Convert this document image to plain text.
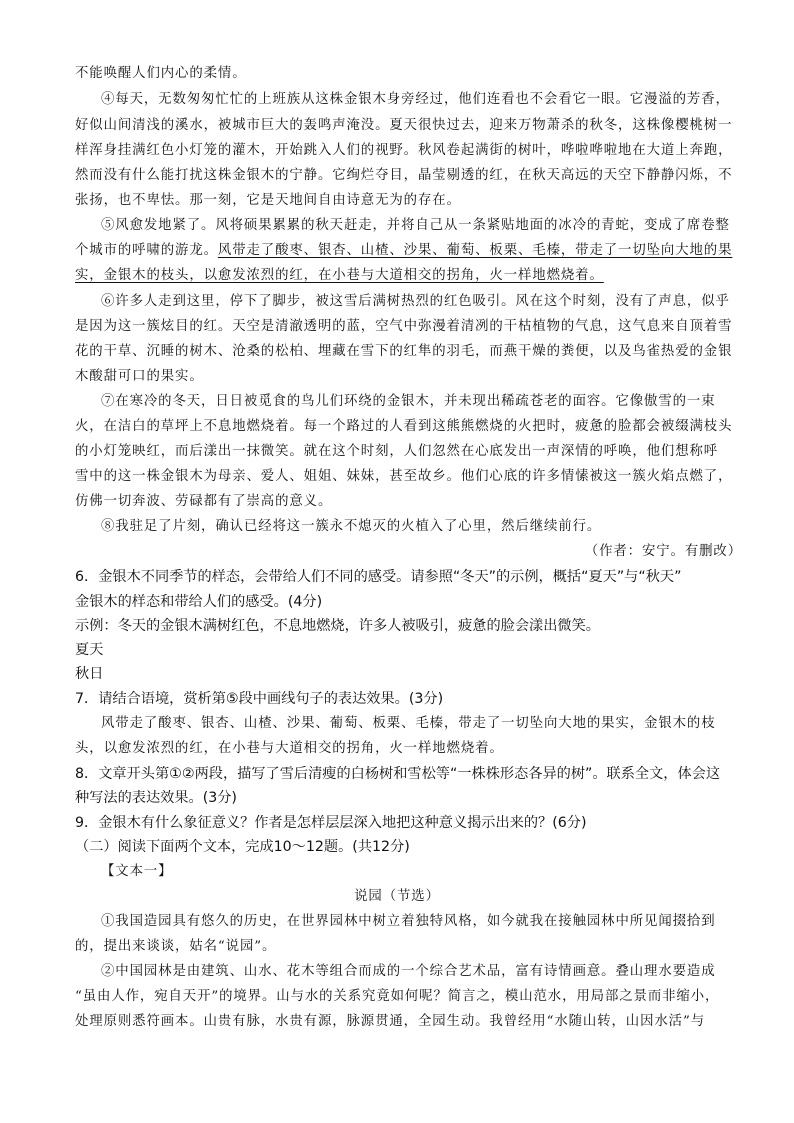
不能唤醒人们内心的柔情。
④每天，无数匆匆忙忙的上班族从这株金银木身旁经过，他们连看也不会看它一眼。它漫溢的芳香，
好似山间清浅的溪水，被城市巨大的轰鸣声淹没。夏天很快过去，迎来万物萧杀的秋冬，这株像樱桃树一
样浑身挂满红色小灯笼的灌木，开始跳入人们的视野。秋风卷起满街的树叶，哗啦哗啦地在大道上奔跑，
然而没有什么能打扰这株金银木的宁静。它绚烂夺目，晶莹剔透的红，在秋天高远的天空下静静闪烁，不
张扬，也不卑怯。那一刻，它是天地间自由诗意无为的存在。
⑤风愈发地紧了。风将硕果累累的秋天赶走，并将自己从一条紧贴地面的冰冷的青蛇，变成了席卷整
个城市的呼啸的游龙。风带走了酸枣、银杏、山楂、沙果、葡萄、板栗、毛榛，带走了一切坠向大地的果
实，金银木的枝头，以愈发浓烈的红，在小巷与大道相交的拐角，火一样地燃烧着。
⑥许多人走到这里，停下了脚步，被这雪后满树热烈的红色吸引。风在这个时刻，没有了声息，似乎
是因为这一簇炫目的红。天空是清澈透明的蓝，空气中弥漫着清冽的干枯植物的气息，这气息来自顶着雪
花的干草、沉睡的树木、沧桑的松柏、埋藏在雪下的红隼的羽毛，而燕干燥的粪便，以及鸟雀热爱的金银
木酸甜可口的果实。
⑦在寒冷的冬天，日日被觅食的鸟儿们环绕的金银木，并未现出稀疏苍老的面容。它像傲雪的一束
火，在洁白的草坪上不息地燃烧着。每一个路过的人看到这熊熊燃烧的火把时，疲惫的脸都会被缀满枝头
的小灯笼映红，而后漾出一抹微笑。就在这个时刻，人们忽然在心底发出一声深情的呼唤，他们想称呼
雪中的这一株金银木为母亲、爱人、姐姐、妹妹，甚至故乡。他们心底的许多情愫被这一簇火焰点燃了，
仿佛一切奔波、劳碌都有了崇高的意义。
⑧我驻足了片刻，确认已经将这一簇永不熄灭的火植入了心里，然后继续前行。
（作者：安宁。有删改）
6．金银木不同季节的样态，会带给人们不同的感受。请参照“冬天”的示例，概括“夏天”与“秋天”
金银木的样态和带给人们的感受。(4分)
示例：冬天的金银木满树红色，不息地燃烧，许多人被吸引，疲惫的脸会漾出微笑。
夏天
秋日
7．请结合语境，赏析第⑤段中画线句子的表达效果。(3分)
风带走了酸枣、银杏、山楂、沙果、葡萄、板栗、毛榛，带走了一切坠向大地的果实，金银木的枝
头，以愈发浓烈的红，在小巷与大道相交的拐角，火一样地燃烧着。
8．文章开头第①②两段，描写了雪后清瘦的白杨树和雪松等“一株株形态各异的树”。联系全文，体会这
种写法的表达效果。(3分)
9．金银木有什么象征意义？作者是怎样层层深入地把这种意义揭示出来的？(6分)
（二）阅读下面两个文本，完成10～12题。(共12分)
【文本一】
说园（节选）
①我国造园具有悠久的历史，在世界园林中树立着独特风格，如今就我在接触园林中所见闻掇拾到
的，提出来谈谈，姑名“说园”。
②中国园林是由建筑、山水、花木等组合而成的一个综合艺术品，富有诗情画意。叠山理水要造成
“虽由人作，宛自天开”的境界。山与水的关系究竟如何呢？简言之，模山范水，用局部之景而非缩小，
处理原则悉符画本。山贵有脉，水贵有源，脉源贯通，全园生动。我曾经用“水随山转，山因水活”与
